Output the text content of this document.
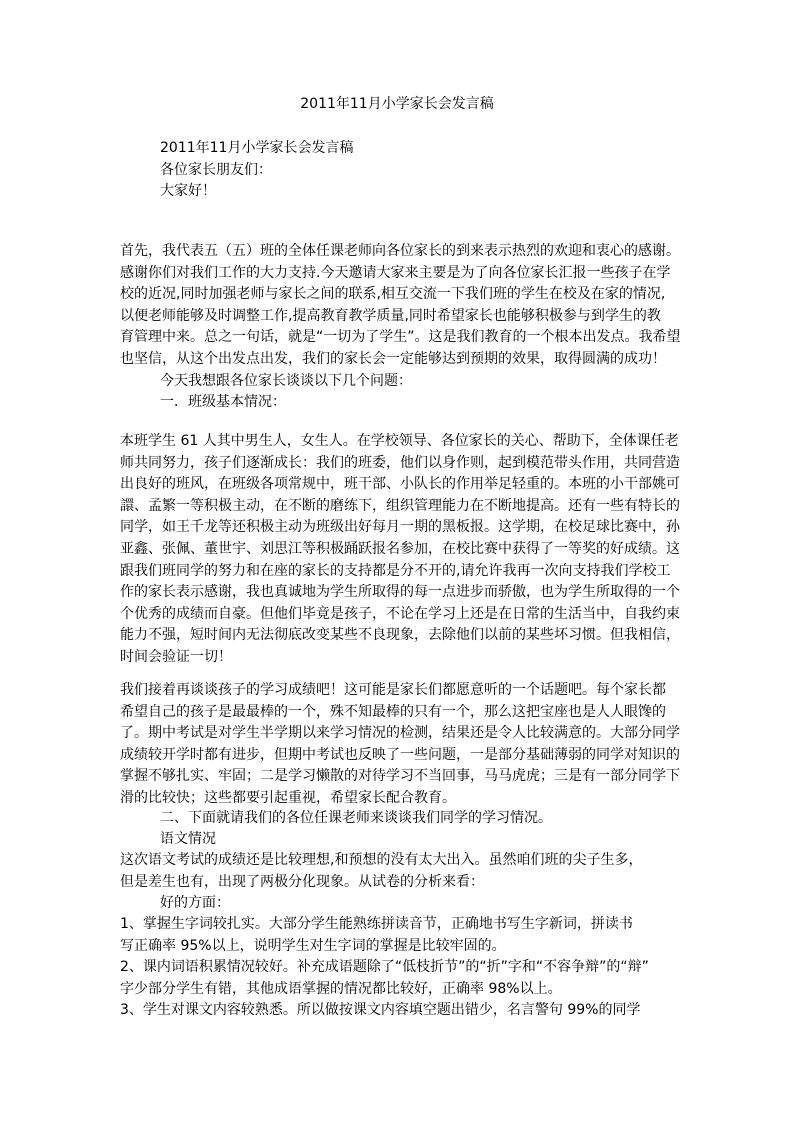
2011年11月小学家长会发言稿
2011年11月小学家长会发言稿
各位家长朋友们：
大家好！
首先，我代表五（五）班的全体任课老师向各位家长的到来表示热烈的欢迎和衷心的感谢。
感谢你们对我们工作的大力支持.今天邀请大家来主要是为了向各位家长汇报一些孩子在学
校的近况,同时加强老师与家长之间的联系,相互交流一下我们班的学生在校及在家的情况,
以便老师能够及时调整工作,提高教育教学质量,同时希望家长也能够积极参与到学生的教
育管理中来。总之一句话，就是“一切为了学生”。这是我们教育的一个根本出发点。我希望
也坚信，从这个出发点出发，我们的家长会一定能够达到预期的效果，取得圆满的成功！
今天我想跟各位家长谈谈以下几个问题：
一．班级基本情况：
本班学生 61 人其中男生人，女生人。在学校领导、各位家长的关心、帮助下，全体课任老
师共同努力，孩子们逐渐成长：我们的班委，他们以身作则，起到模范带头作用，共同营造
出良好的班风，在班级各项常规中，班干部、小队长的作用举足轻重的。本班的小干部姚可
譞、孟繁一等积极主动，在不断的磨练下，组织管理能力在不断地提高。还有一些有特长的
同学，如王千龙等还积极主动为班级出好每月一期的黑板报。这学期，在校足球比赛中，孙
亚鑫、张佩、董世宇、刘思江等积极踊跃报名参加，在校比赛中获得了一等奖的好成绩。这
跟我们班同学的努力和在座的家长的支持都是分不开的,请允许我再一次向支持我们学校工
作的家长表示感谢，我也真诚地为学生所取得的每一点进步而骄傲，也为学生所取得的一个
个优秀的成绩而自豪。但他们毕竟是孩子，不论在学习上还是在日常的生活当中，自我约束
能力不强，短时间内无法彻底改变某些不良现象，去除他们以前的某些坏习惯。但我相信，
时间会验证一切！
我们接着再谈谈孩子的学习成绩吧！这可能是家长们都愿意听的一个话题吧。每个家长都
希望自己的孩子是最最棒的一个，殊不知最棒的只有一个，那么这把宝座也是人人眼馋的
了。期中考试是对学生半学期以来学习情况的检测，结果还是令人比较满意的。大部分同学
成绩较开学时都有进步，但期中考试也反映了一些问题，一是部分基础薄弱的同学对知识的
掌握不够扎实、牢固；二是学习懒散的对待学习不当回事，马马虎虎；三是有一部分同学下
滑的比较快；这些都要引起重视，希望家长配合教育。
二、下面就请我们的各位任课老师来谈谈我们同学的学习情况。
语文情况
这次语文考试的成绩还是比较理想,和预想的没有太大出入。虽然咱们班的尖子生多，
但是差生也有，出现了两极分化现象。从试卷的分析来看：
好的方面：
1、掌握生字词较扎实。大部分学生能熟练拼读音节，正确地书写生字新词，拼读书
写正确率 95%以上，说明学生对生字词的掌握是比较牢固的。
2、课内词语积累情况较好。补充成语题除了“低枝折节”的“折”字和“不容争辩”的“辩”
字少部分学生有错，其他成语掌握的情况都比较好，正确率 98%以上。
3、学生对课文内容较熟悉。所以做按课文内容填空题出错少，名言警句 99%的同学
